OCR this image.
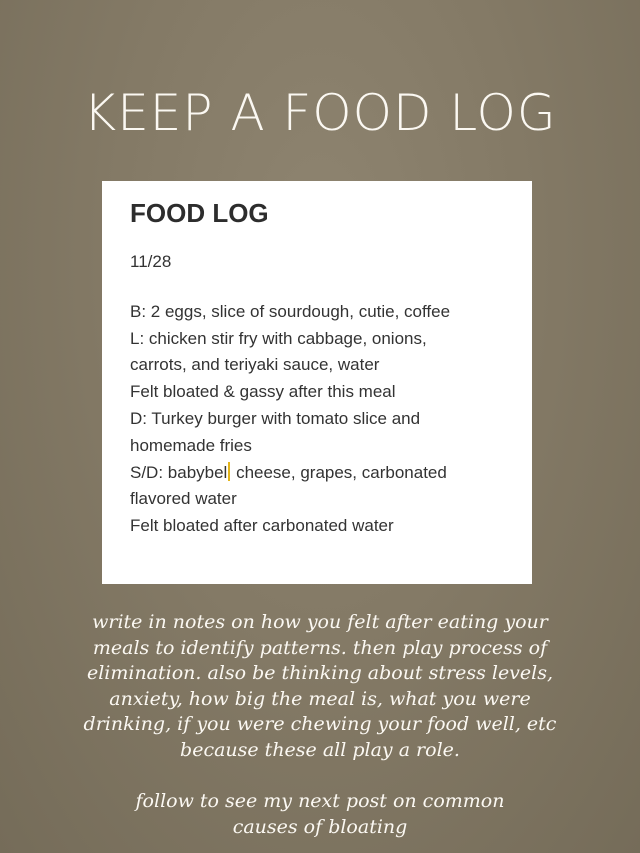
KEEP A FOOD LOG
FOOD LOG
11/28
B: 2 eggs, slice of sourdough, cutie, coffee
L: chicken stir fry with cabbage, onions,
carrots, and teriyaki sauce, water
Felt bloated & gassy after this meal
D: Turkey burger with tomato slice and
homemade fries
S/D: babybel cheese, grapes, carbonated
flavored water
Felt bloated after carbonated water
write in notes on how you felt after eating your
meals to identify patterns. then play process of
elimination. also be thinking about stress levels,
anxiety, how big the meal is, what you were
drinking, if you were chewing your food well, etc
because these all play a role.
follow to see my next post on common
causes of bloating
